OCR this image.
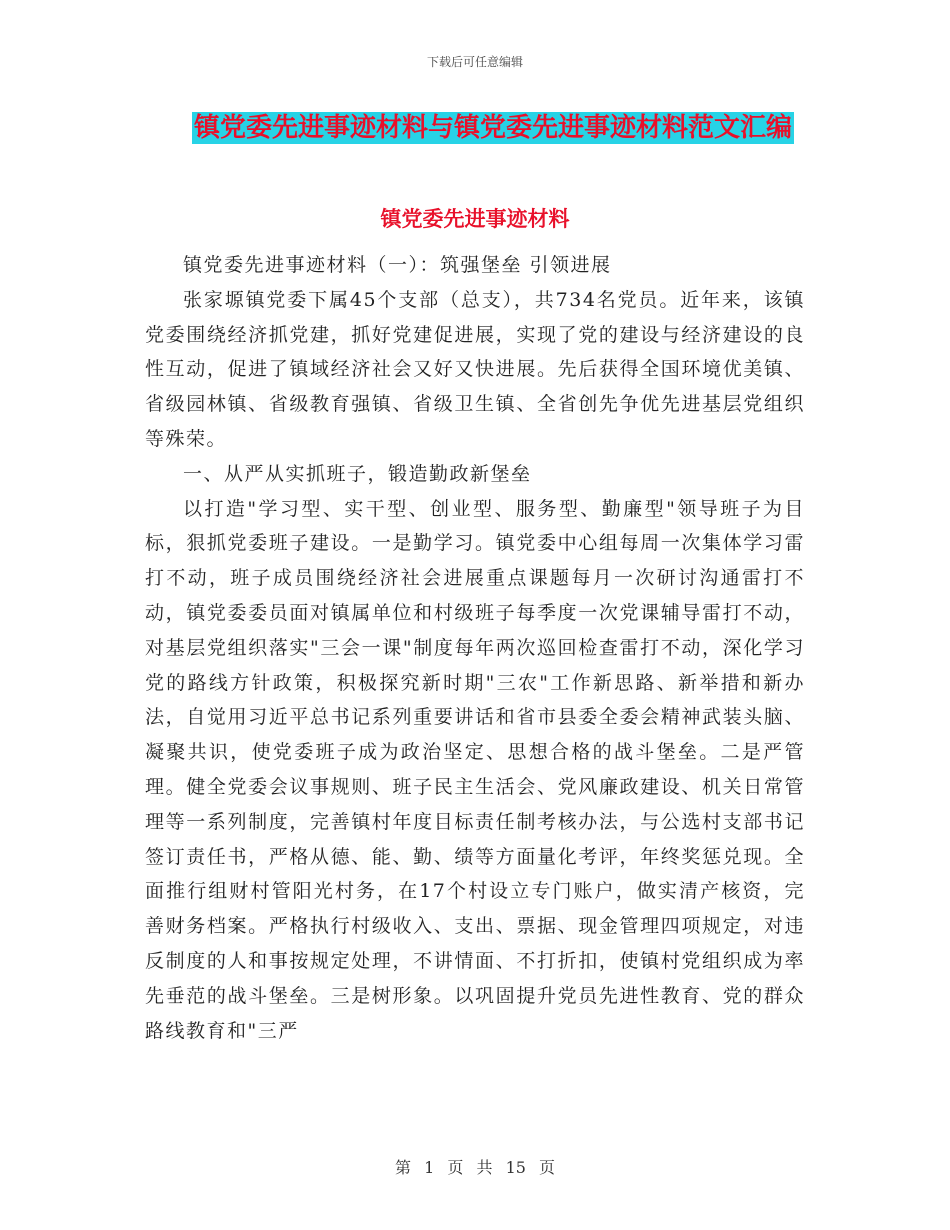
下载后可任意编辑
镇党委先进事迹材料与镇党委先进事迹材料范文汇编
镇党委先进事迹材料

镇党委先进事迹材料（一）：筑强堡垒 引领进展

张家塬镇党委下属45个支部（总支），共734名党员。近年来，该镇党委围绕经济抓党建，抓好党建促进展，实现了党的建设与经济建设的良性互动，促进了镇域经济社会又好又快进展。先后获得全国环境优美镇、省级园林镇、省级教育强镇、省级卫生镇、全省创先争优先进基层党组织等殊荣。

一、从严从实抓班子，锻造勤政新堡垒

以打造"学习型、实干型、创业型、服务型、勤廉型"领导班子为目标，狠抓党委班子建设。一是勤学习。镇党委中心组每周一次集体学习雷打不动，班子成员围绕经济社会进展重点课题每月一次研讨沟通雷打不动，镇党委委员面对镇属单位和村级班子每季度一次党课辅导雷打不动，对基层党组织落实"三会一课"制度每年两次巡回检查雷打不动，深化学习党的路线方针政策，积极探究新时期"三农"工作新思路、新举措和新办法，自觉用习近平总书记系列重要讲话和省市县委全委会精神武装头脑、凝聚共识，使党委班子成为政治坚定、思想合格的战斗堡垒。二是严管理。健全党委会议事规则、班子民主生活会、党风廉政建设、机关日常管理等一系列制度，完善镇村年度目标责任制考核办法，与公选村支部书记签订责任书，严格从德、能、勤、绩等方面量化考评，年终奖惩兑现。全面推行组财村管阳光村务，在17个村设立专门账户，做实清产核资，完善财务档案。严格执行村级收入、支出、票据、现金管理四项规定，对违反制度的人和事按规定处理，不讲情面、不打折扣，使镇村党组织成为率先垂范的战斗堡垒。三是树形象。以巩固提升党员先进性教育、党的群众路线教育和"三严

第 1 页 共 15 页
